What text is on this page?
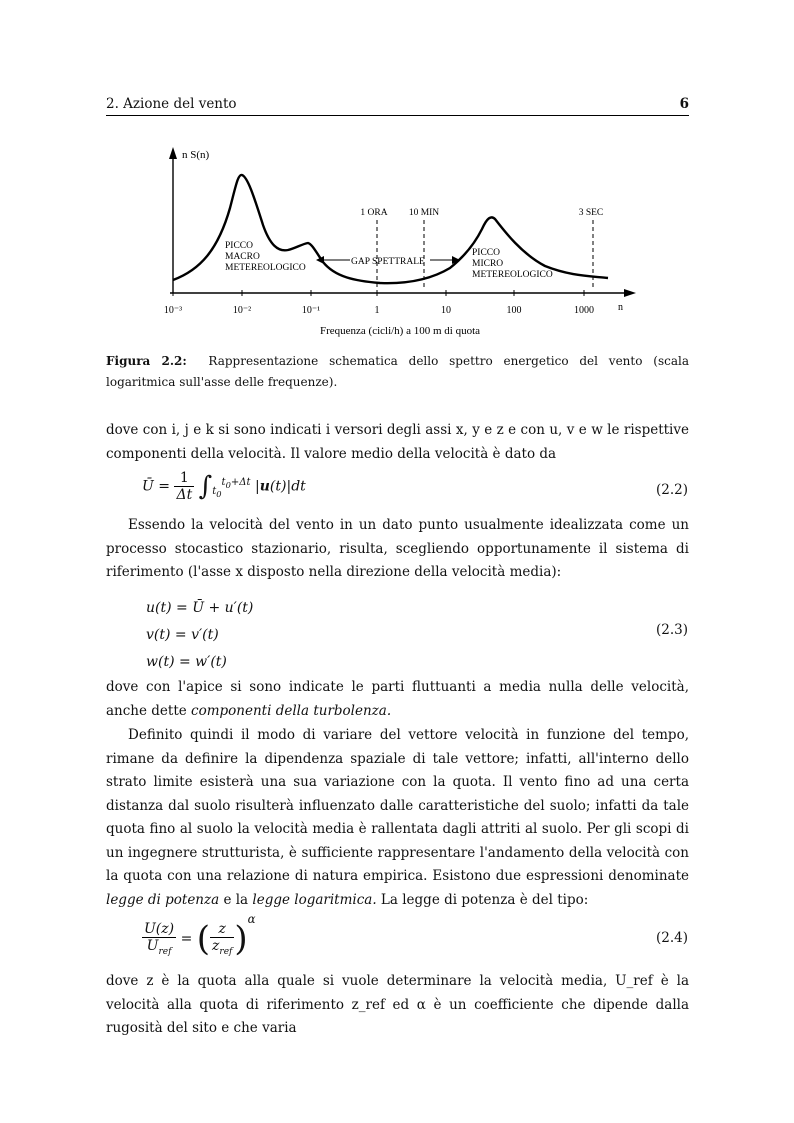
2. Azione del vento	6
n S(n)
n
10⁻³	10⁻²	10⁻¹	1	10	100	1000
Frequenza (cicli/h) a 100 m di quota
1 ORA 10 MIN	3 SEC
PICCO
MACRO
METEREOLOGICO
GAP SPETTRALE
PICCO
MICRO
METEREOLOGICO
Figura 2.2: Rappresentazione schematica dello spettro energetico del vento (scala logaritmica sull'asse delle frequenze).
dove con i, j e k si sono indicati i versori degli assi x, y e z e con u, v e w le rispettive componenti della velocità. Il valore medio della velocità è dato da
Ū = $\frac{1}{\Delta t} \int_{t_0}^{t_0+\Delta t}$ |u(t)|dt	(2.2)
Essendo la velocità del vento in un dato punto usualmente idealizzata come un processo stocastico stazionario, risulta, scegliendo opportunamente il sistema di riferimento (l'asse x disposto nella direzione della velocità media):
u(t) = Ū + u′(t)
v(t) = v′(t)
w(t) = w′(t)
(2.3)
dove con l'apice si sono indicate le parti fluttuanti a media nulla delle velocità, anche dette componenti della turbolenza.
Definito quindi il modo di variare del vettore velocità in funzione del tempo, rimane da definire la dipendenza spaziale di tale vettore; infatti, all'interno dello strato limite esisterà una sua variazione con la quota. Il vento fino ad una certa distanza dal suolo risulterà influenzato dalle caratteristiche del suolo; infatti da tale quota fino al suolo la velocità media è rallentata dagli attriti al suolo. Per gli scopi di un ingegnere strutturista, è sufficiente rappresentare l'andamento della velocità con la quota con una relazione di natura empirica. Esistono due espressioni denominate legge di potenza e la legge logaritmica. La legge di potenza è del tipo:
$\frac{U(z)}{U_{ref}}$ = ( $\frac{z}{z_{ref}} )^\alpha$
(2.4)
dove z è la quota alla quale si vuole determinare la velocità media, U_ref è la velocità alla quota di riferimento z_ref ed α è un coefficiente che dipende dalla rugosità del sito e che varia
